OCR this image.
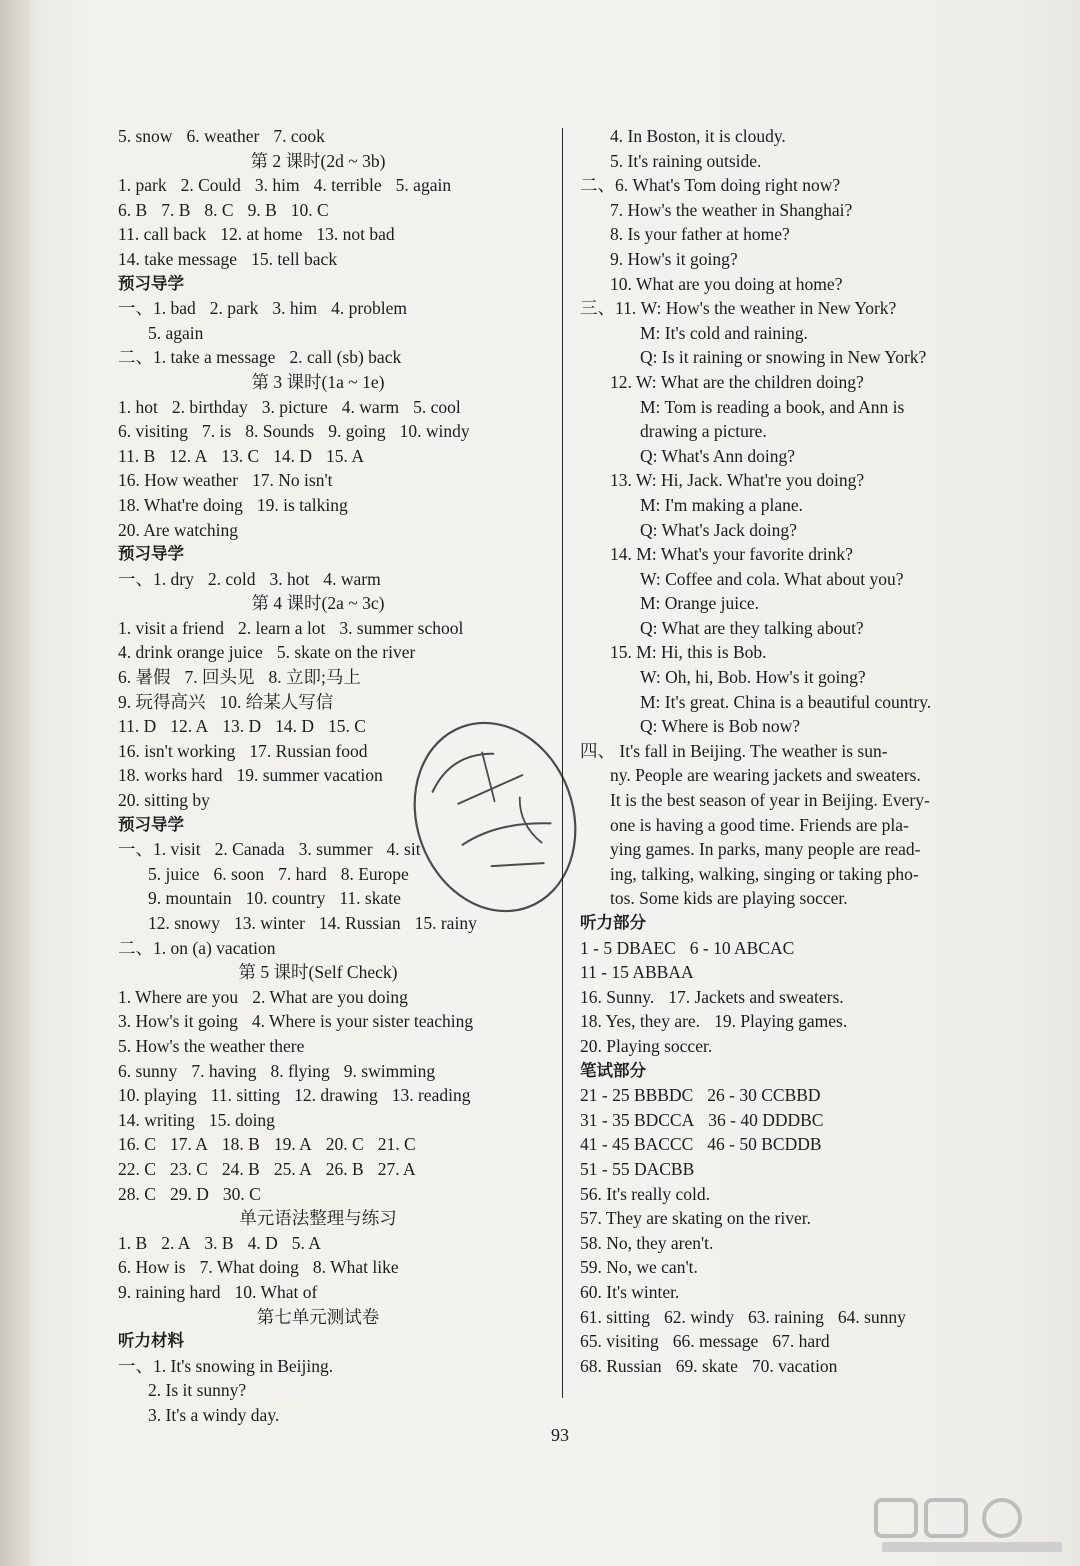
5. snow 6. weather 7. cook
第 2 课时(2d ~ 3b)
1. park 2. Could 3. him 4. terrible 5. again
6. B 7. B 8. C 9. B 10. C
11. call back 12. at home 13. not bad
14. take message 15. tell back
预习导学
一、1. bad 2. park 3. him 4. problem
5. again
二、1. take a message 2. call (sb) back
第 3 课时(1a ~ 1e)
1. hot 2. birthday 3. picture 4. warm 5. cool
6. visiting 7. is 8. Sounds 9. going 10. windy
11. B 12. A 13. C 14. D 15. A
16. How weather 17. No isn't
18. What're doing 19. is talking
20. Are watching
预习导学
一、1. dry 2. cold 3. hot 4. warm
第 4 课时(2a ~ 3c)
1. visit a friend 2. learn a lot 3. summer school
4. drink orange juice 5. skate on the river
6. 暑假 7. 回头见 8. 立即;马上
9. 玩得高兴 10. 给某人写信
11. D 12. A 13. D 14. D 15. C
16. isn't working 17. Russian food
18. works hard 19. summer vacation
20. sitting by
预习导学
一、1. visit 2. Canada 3. summer 4. sit
5. juice 6. soon 7. hard 8. Europe
9. mountain 10. country 11. skate
12. snowy 13. winter 14. Russian 15. rainy
二、1. on (a) vacation
第 5 课时(Self Check)
1. Where are you 2. What are you doing
3. How's it going 4. Where is your sister teaching
5. How's the weather there
6. sunny 7. having 8. flying 9. swimming
10. playing 11. sitting 12. drawing 13. reading
14. writing 15. doing
16. C 17. A 18. B 19. A 20. C 21. C
22. C 23. C 24. B 25. A 26. B 27. A
28. C 29. D 30. C
单元语法整理与练习
1. B 2. A 3. B 4. D 5. A
6. How is 7. What doing 8. What like
9. raining hard 10. What of
第七单元测试卷
听力材料
一、1. It's snowing in Beijing.
2. Is it sunny?
3. It's a windy day.
4. In Boston, it is cloudy.
5. It's raining outside.
二、6. What's Tom doing right now?
7. How's the weather in Shanghai?
8. Is your father at home?
9. How's it going?
10. What are you doing at home?
三、11. W: How's the weather in New York?
M: It's cold and raining.
Q: Is it raining or snowing in New York?
12. W: What are the children doing?
M: Tom is reading a book, and Ann is
drawing a picture.
Q: What's Ann doing?
13. W: Hi, Jack. What're you doing?
M: I'm making a plane.
Q: What's Jack doing?
14. M: What's your favorite drink?
W: Coffee and cola. What about you?
M: Orange juice.
Q: What are they talking about?
15. M: Hi, this is Bob.
W: Oh, hi, Bob. How's it going?
M: It's great. China is a beautiful country.
Q: Where is Bob now?
四、 It's fall in Beijing. The weather is sun-
ny. People are wearing jackets and sweaters.
It is the best season of year in Beijing. Every-
one is having a good time. Friends are pla-
ying games. In parks, many people are read-
ing, talking, walking, singing or taking pho-
tos. Some kids are playing soccer.
听力部分
1 - 5 DBAEC 6 - 10 ABCAC
11 - 15 ABBAA
16. Sunny. 17. Jackets and sweaters.
18. Yes, they are. 19. Playing games.
20. Playing soccer.
笔试部分
21 - 25 BBBDC 26 - 30 CCBBD
31 - 35 BDCCA 36 - 40 DDDBC
41 - 45 BACCC 46 - 50 BCDDB
51 - 55 DACBB
56. It's really cold.
57. They are skating on the river.
58. No, they aren't.
59. No, we can't.
60. It's winter.
61. sitting 62. windy 63. raining 64. sunny
65. visiting 66. message 67. hard
68. Russian 69. skate 70. vacation
93
